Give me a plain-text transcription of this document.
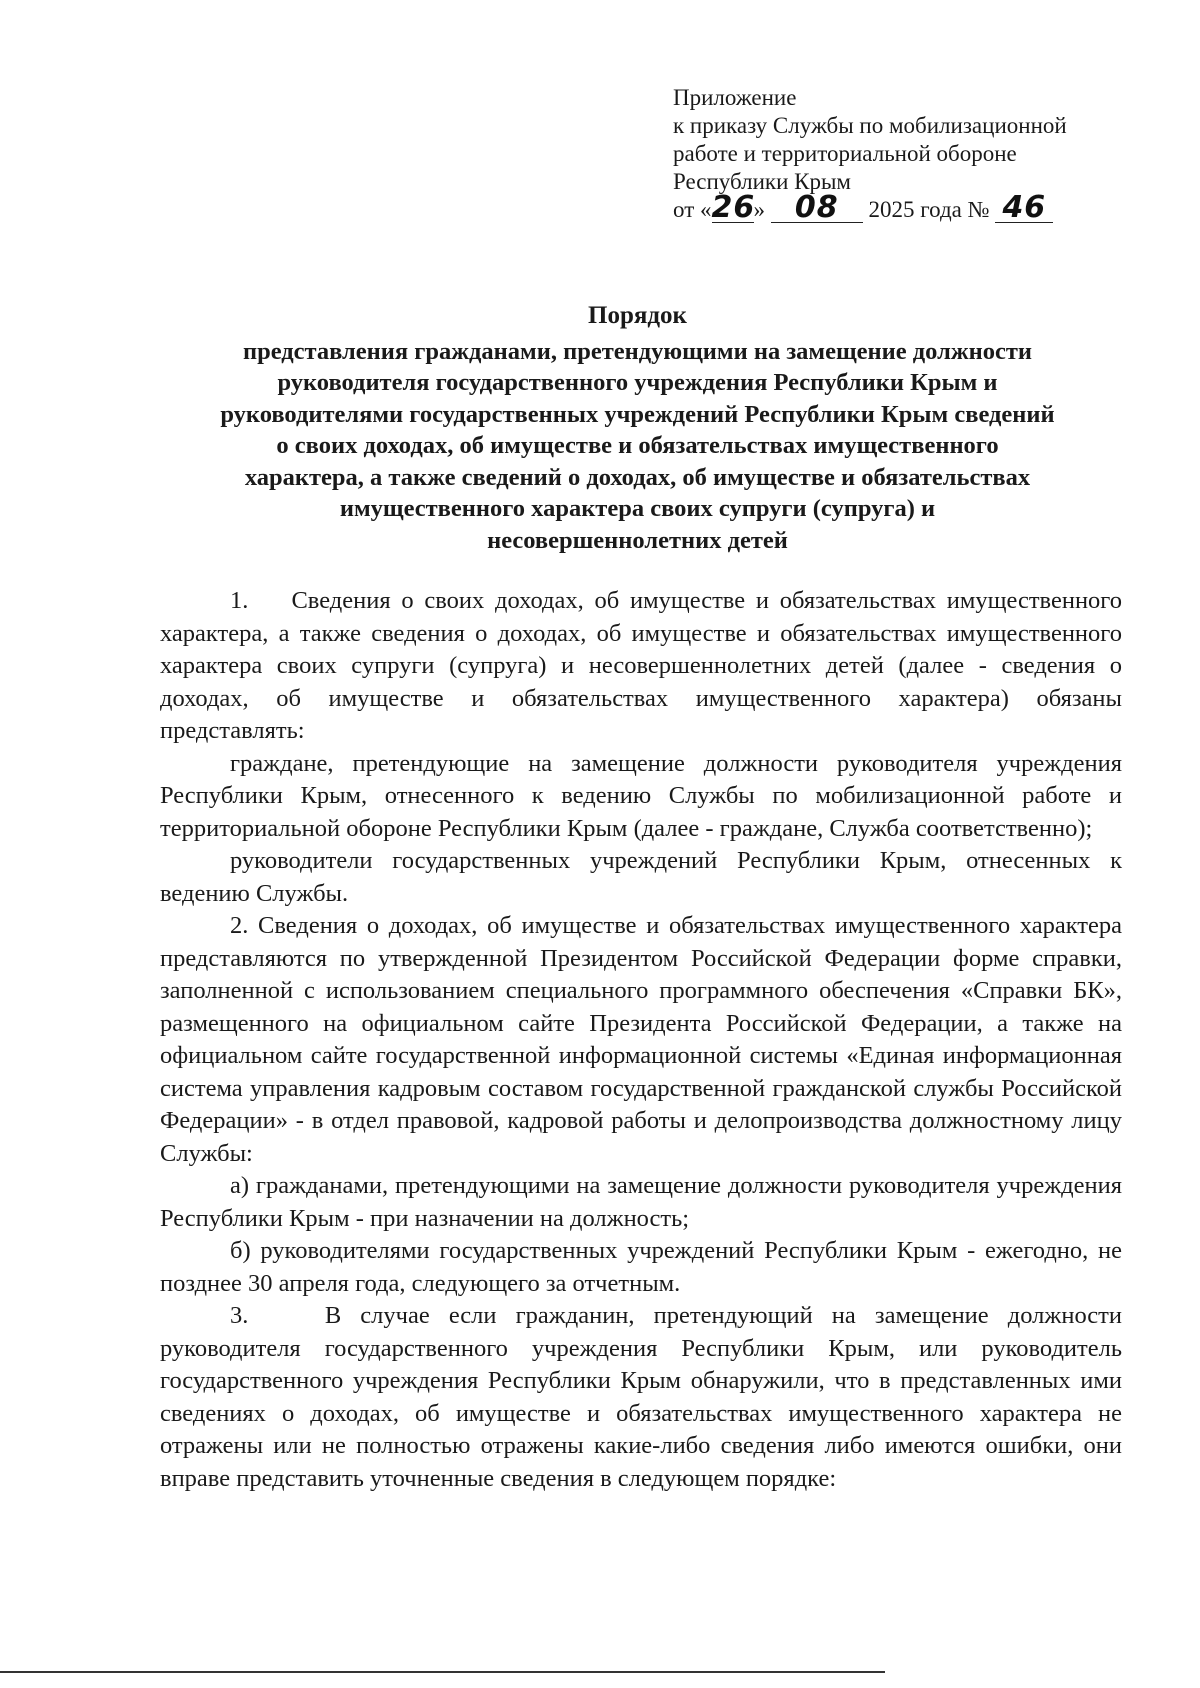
Приложение
к приказу Службы по мобилизационной
работе и территориальной обороне
Республики Крым
от «26» 08 2025 года № 46
Порядок
представления гражданами, претендующими на замещение должности
руководителя государственного учреждения Республики Крым и
руководителями государственных учреждений Республики Крым сведений
о своих доходах, об имуществе и обязательствах имущественного
характера, а также сведений о доходах, об имуществе и обязательствах
имущественного характера своих супруги (супруга) и
несовершеннолетних детей

1.    Сведения о своих доходах, об имуществе и обязательствах имущественного характера, а также сведения о доходах, об имуществе и обязательствах имущественного характера своих супруги (супруга) и несовершеннолетних детей (далее - сведения о доходах, об имуществе и обязательствах имущественного характера) обязаны представлять:

граждане, претендующие на замещение должности руководителя учреждения Республики Крым, отнесенного к ведению Службы по мобилизационной работе и территориальной обороне Республики Крым (далее - граждане, Служба соответственно);

руководители государственных учреждений Республики Крым, отнесенных к ведению Службы.

2. Сведения о доходах, об имуществе и обязательствах имущественного характера представляются по утвержденной Президентом Российской Федерации форме справки, заполненной с использованием специального программного обеспечения «Справки БК», размещенного на официальном сайте Президента Российской Федерации, а также на официальном сайте государственной информационной системы «Единая информационная система управления кадровым составом государственной гражданской службы Российской Федерации» - в отдел правовой, кадровой работы и делопроизводства должностному лицу Службы:

а) гражданами, претендующими на замещение должности руководителя учреждения Республики Крым - при назначении на должность;

б) руководителями государственных учреждений Республики Крым - ежегодно, не позднее 30 апреля года, следующего за отчетным.

3.    В случае если гражданин, претендующий на замещение должности руководителя государственного учреждения Республики Крым, или руководитель государственного учреждения Республики Крым обнаружили, что в представленных ими сведениях о доходах, об имуществе и обязательствах имущественного характера не отражены или не полностью отражены какие-либо сведения либо имеются ошибки, они вправе представить уточненные сведения в следующем порядке:
